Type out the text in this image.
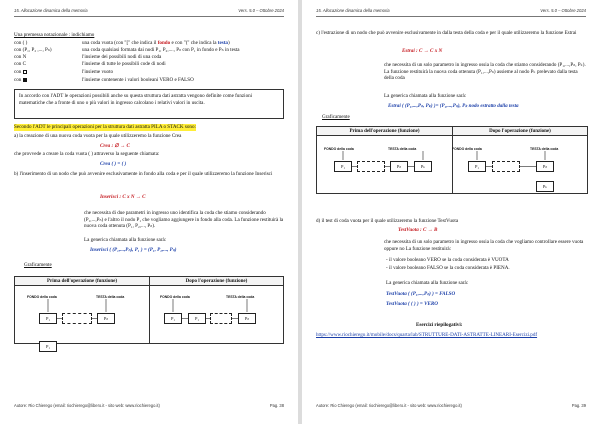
15. Allocazione dinamica della memoria	Vers. 5.0 – Ottobre 2024
Una premessa notazionale : indichiamo
con ( )	una coda vuota (con "[" che indica il fondo e con "(" che indica la testa)
con (P₁, P₂ ,..., Pₙ)	una coda qualsiasi formata dai nodi P₁, P₂,...., Pₙ con P₁ in fondo e Pₙ in testa
con N	l'insieme dei possibili nodi di una coda
con C	l'insieme di tutte le possibili code di nodi
con	l'insieme vuoto
con	l'insieme contenente i valori booleani VERO e FALSO
In accordo con l'ADT le operazioni possibili anche su questa struttura dati astratta vengono definite come funzioni matematiche che a fronte di uno o più valori in ingresso calcolano i relativi valori in uscita.
Secondo l'ADT le principali operazioni per la struttura dati astratta PILA o STACK sono:
a) la creazione di una nuova coda vuota per la quale utilizzeremo la funzione Crea
Crea : ∅ → C
che provvede a creare la coda vuota ( ) attraverso la seguente chiamata:
Crea ( ) = ( )
b) l'inserimento di un nodo che può avvenire esclusivamente in fondo alla coda e per il quale utilizzeremo la funzione Inserisci
Inserisci : C x N → C
che necessita di due parametri in ingresso uno identifica la coda che stiamo considerando (P₁,...,Pₙ) e l'altro il nodo P₁ che vogliamo aggiungere in fondo alla coda. La funzione restituirà la nuova coda ottenuta (P₁, P₂,..., Pₙ).
La generica chiamata alla funzione sarà:
Inserisci ( (P₁,...,Pₙ), P₁ ) = (P₁, P₂,..., Pₙ)
Graficamente
Prima dell'operazione (funzione)	Dopo l'operazione (funzione)

FONDO della coda	TESTA della coda
P₁	Pₙ
P₁
FONDO della coda	TESTA della coda
P₁	P₁	Pₙ
Autore: Rio Chierego (email: riochierego@libero.it - sito web: www.riochierego.it)	Pag. 38
15. Allocazione dinamica della memoria	Vers. 5.0 – Ottobre 2024
c) l'estrazione di un nodo che può avvenire esclusivamente in dalla testa della coda e per il quale utilizzeremo la funzione Estrai
Estrai : C → C x N
che necessita di un solo parametro in ingresso ossia la coda che stiamo considerando (P₁,...,Pₙ, Pₖ). La funzione restituirà la nuova coda ottenuta (P₁,...,Pₙ) assieme al nodo Pₖ prelevato dalla testa della coda
La generica chiamata alla funzione sarà:
Estrai ( (P₁,...,Pₙ, Pₖ) )= (P₁,...,Pₙ), Pₖ nodo estratto dalla testa
Graficamente
Prima dell'operazione (funzione)	Dopo l'operazione (funzione)

FONDO della coda	TESTA della coda
P₁	Pₙ	Pₖ
FONDO della coda	TESTA della coda
P₁	Pₙ
Pₖ
d) il test di coda vuota per il quale utilizzeremo la funzione TestVuota
TestVuota : C → B
che necessita di un solo parametro in ingresso ossia la coda che vogliamo controllare essere vuota oppure no La funzione restituirà:
- il valore booleano VERO se la coda considerata è VUOTA
- il valore booleano FALSO se la coda considerata è PIENA.
La generica chiamata alla funzione sarà:
TestVuota ( (P₁,...,Pₙ) ) = FALSO
TestVuota ( ( ) ) = VERO
Esercizi riepilogativi:
https://www.riochierego.it/mobile/docs/quarta/lab/STRUTTURE-DATI-ASTRATTE-LINEARI-Esercizi.pdf
Autore: Rio Chierego (email: riochierego@libero.it - sito web: www.riochierego.it)	Pag. 39
